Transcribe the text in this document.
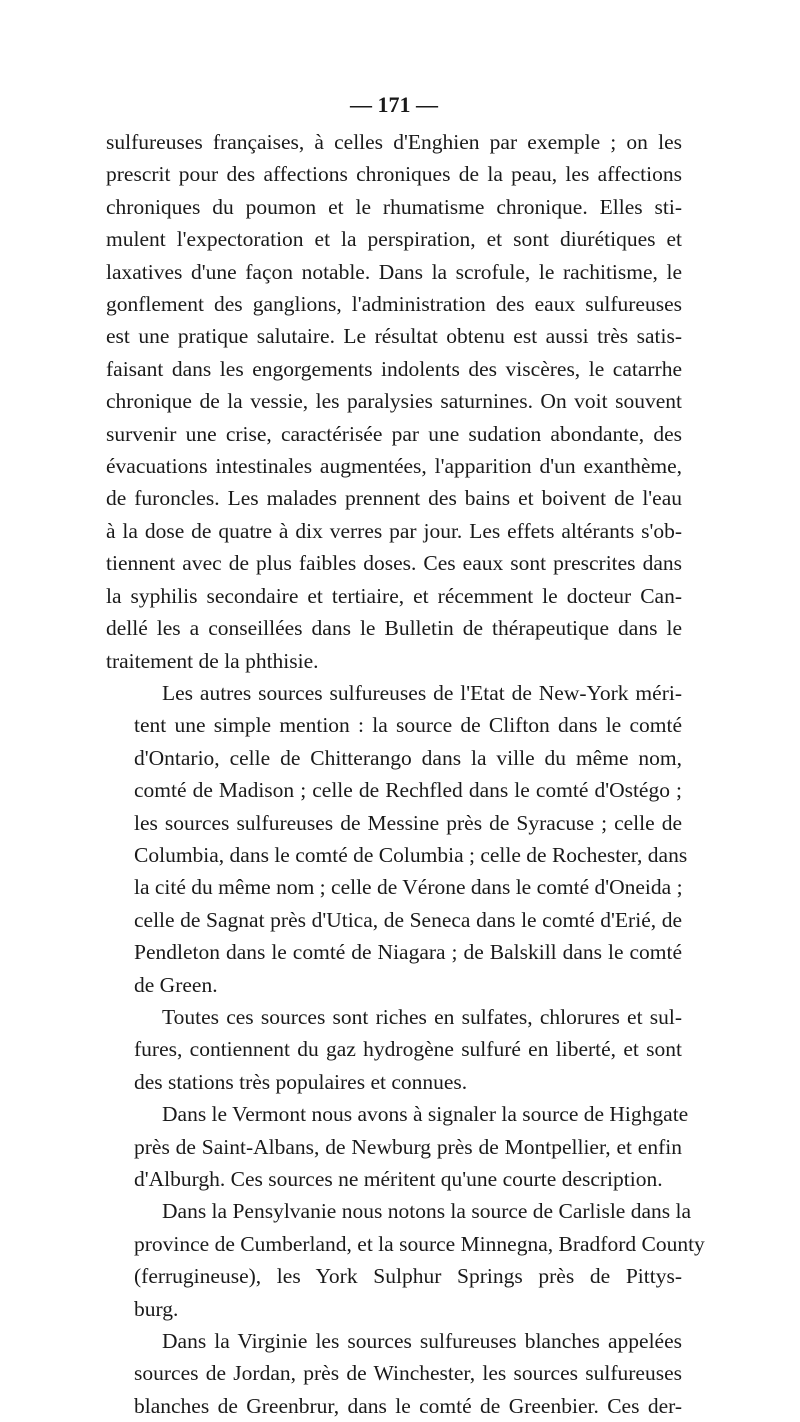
— 171 —
sulfureuses françaises, à celles d'Enghien par exemple ; on les
prescrit pour des affections chroniques de la peau, les affections
chroniques du poumon et le rhumatisme chronique. Elles sti-
mulent l'expectoration et la perspiration, et sont diurétiques et
laxatives d'une façon notable. Dans la scrofule, le rachitisme, le
gonflement des ganglions, l'administration des eaux sulfureuses
est une pratique salutaire. Le résultat obtenu est aussi très satis-
faisant dans les engorgements indolents des viscères, le catarrhe
chronique de la vessie, les paralysies saturnines. On voit souvent
survenir une crise, caractérisée par une sudation abondante, des
évacuations intestinales augmentées, l'apparition d'un exanthème,
de furoncles. Les malades prennent des bains et boivent de l'eau
à la dose de quatre à dix verres par jour. Les effets altérants s'ob-
tiennent avec de plus faibles doses. Ces eaux sont prescrites dans
la syphilis secondaire et tertiaire, et récemment le docteur Can-
dellé les a conseillées dans le Bulletin de thérapeutique dans le
traitement de la phthisie.
Les autres sources sulfureuses de l'Etat de New-York méri-
tent une simple mention : la source de Clifton dans le comté
d'Ontario, celle de Chitterango dans la ville du même nom,
comté de Madison ; celle de Rechfled dans le comté d'Ostégo ;
les sources sulfureuses de Messine près de Syracuse ; celle de
Columbia, dans le comté de Columbia ; celle de Rochester, dans
la cité du même nom ; celle de Vérone dans le comté d'Oneida ;
celle de Sagnat près d'Utica, de Seneca dans le comté d'Erié, de
Pendleton dans le comté de Niagara ; de Balskill dans le comté
de Green.
Toutes ces sources sont riches en sulfates, chlorures et sul-
fures, contiennent du gaz hydrogène sulfuré en liberté, et sont
des stations très populaires et connues.
Dans le Vermont nous avons à signaler la source de Highgate
près de Saint-Albans, de Newburg près de Montpellier, et enfin
d'Alburgh. Ces sources ne méritent qu'une courte description.
Dans la Pensylvanie nous notons la source de Carlisle dans la
province de Cumberland, et la source Minnegna, Bradford County
(ferrugineuse), les York Sulphur Springs près de Pittys-
burg.
Dans la Virginie les sources sulfureuses blanches appelées
sources de Jordan, près de Winchester, les sources sulfureuses
blanches de Greenbrur, dans le comté de Greenbier. Ces der-
